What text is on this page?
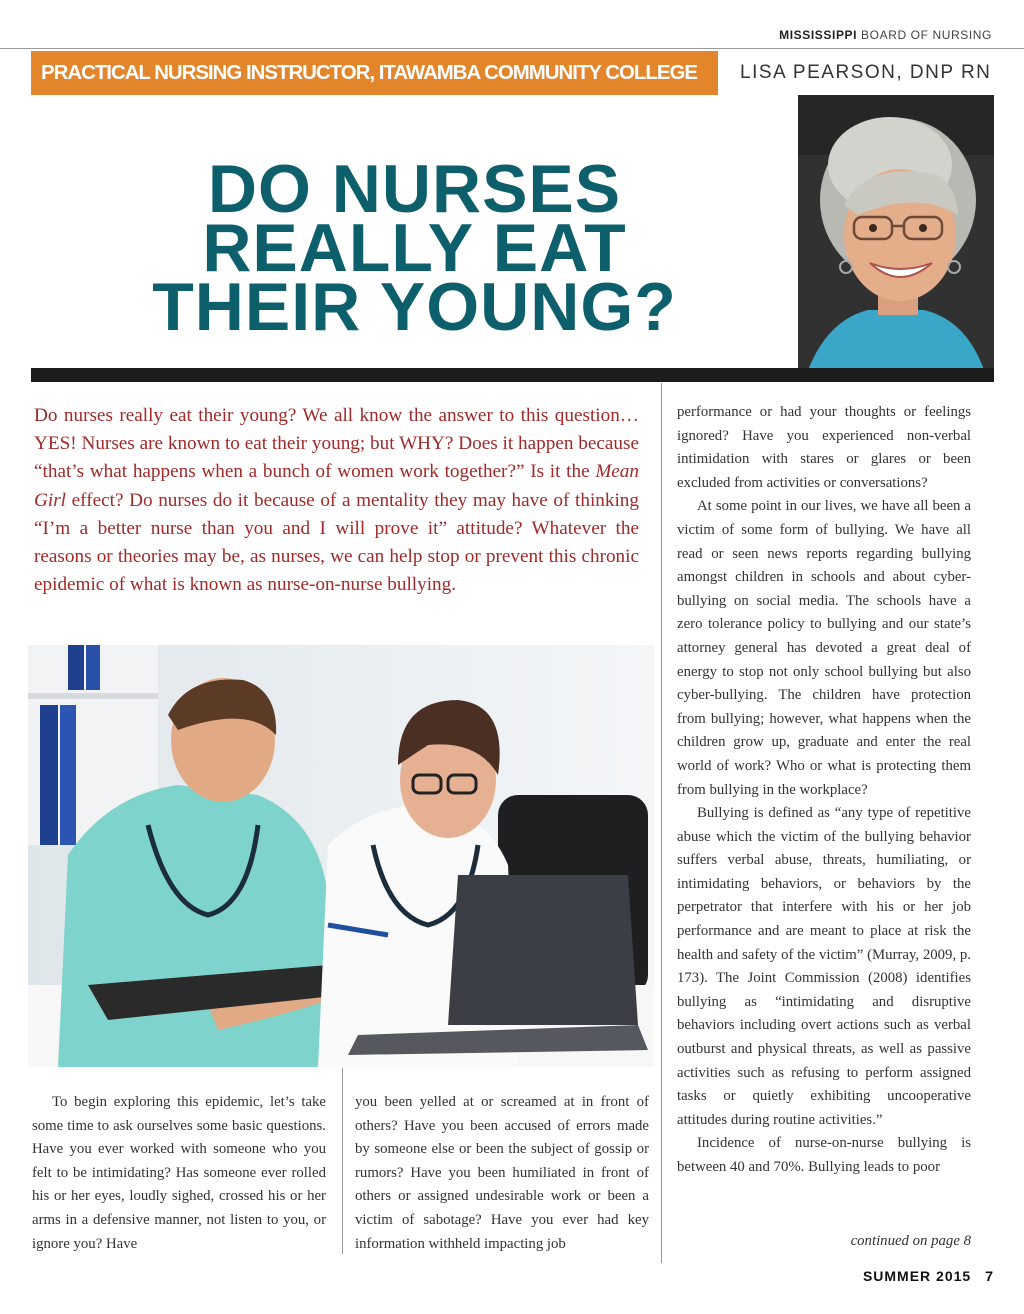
MISSISSIPPI BOARD OF NURSING
PRACTICAL NURSING INSTRUCTOR, ITAWAMBA COMMUNITY COLLEGE	LISA PEARSON, DNP RN
DO NURSES
REALLY EAT
THEIR YOUNG?
Do nurses really eat their young? We all know the answer to this question…YES! Nurses are known to eat their young; but WHY? Does it happen because “that’s what happens when a bunch of women work together?” Is it the Mean Girl effect? Do nurses do it because of a mentality they may have of thinking “I’m a better nurse than you and I will prove it” attitude? Whatever the reasons or theories may be, as nurses, we can help stop or prevent this chronic epidemic of what is known as nurse-on-nurse bullying.

To begin exploring this epidemic, let’s take some time to ask ourselves some basic questions. Have you ever worked with someone who you felt to be intimidating? Has someone ever rolled his or her eyes, loudly sighed, crossed his or her arms in a defensive manner, not listen to you, or ignore you? Have

you been yelled at or screamed at in front of others? Have you been accused of errors made by someone else or been the subject of gossip or rumors? Have you been humiliated in front of others or assigned undesirable work or been a victim of sabotage? Have you ever had key information withheld impacting job

performance or had your thoughts or feelings ignored? Have you experienced non-verbal intimidation with stares or glares or been excluded from activities or conversations?

At some point in our lives, we have all been a victim of some form of bullying. We have all read or seen news reports regarding bullying amongst children in schools and about cyber-bullying on social media. The schools have a zero tolerance policy to bullying and our state’s attorney general has devoted a great deal of energy to stop not only school bullying but also cyber-bullying. The children have protection from bullying; however, what happens when the children grow up, graduate and enter the real world of work? Who or what is protecting them from bullying in the workplace?

Bullying is defined as “any type of repetitive abuse which the victim of the bullying behavior suffers verbal abuse, threats, humiliating, or intimidating behaviors, or behaviors by the perpetrator that interfere with his or her job performance and are meant to place at risk the health and safety of the victim” (Murray, 2009, p. 173). The Joint Commission (2008) identifies bullying as “intimidating and disruptive behaviors including overt actions such as verbal outburst and physical threats, as well as passive activities such as refusing to perform assigned tasks or quietly exhibiting uncooperative attitudes during routine activities.”

Incidence of nurse-on-nurse bullying is between 40 and 70%. Bullying leads to poor

continued on page 8
SUMMER 2015 7
